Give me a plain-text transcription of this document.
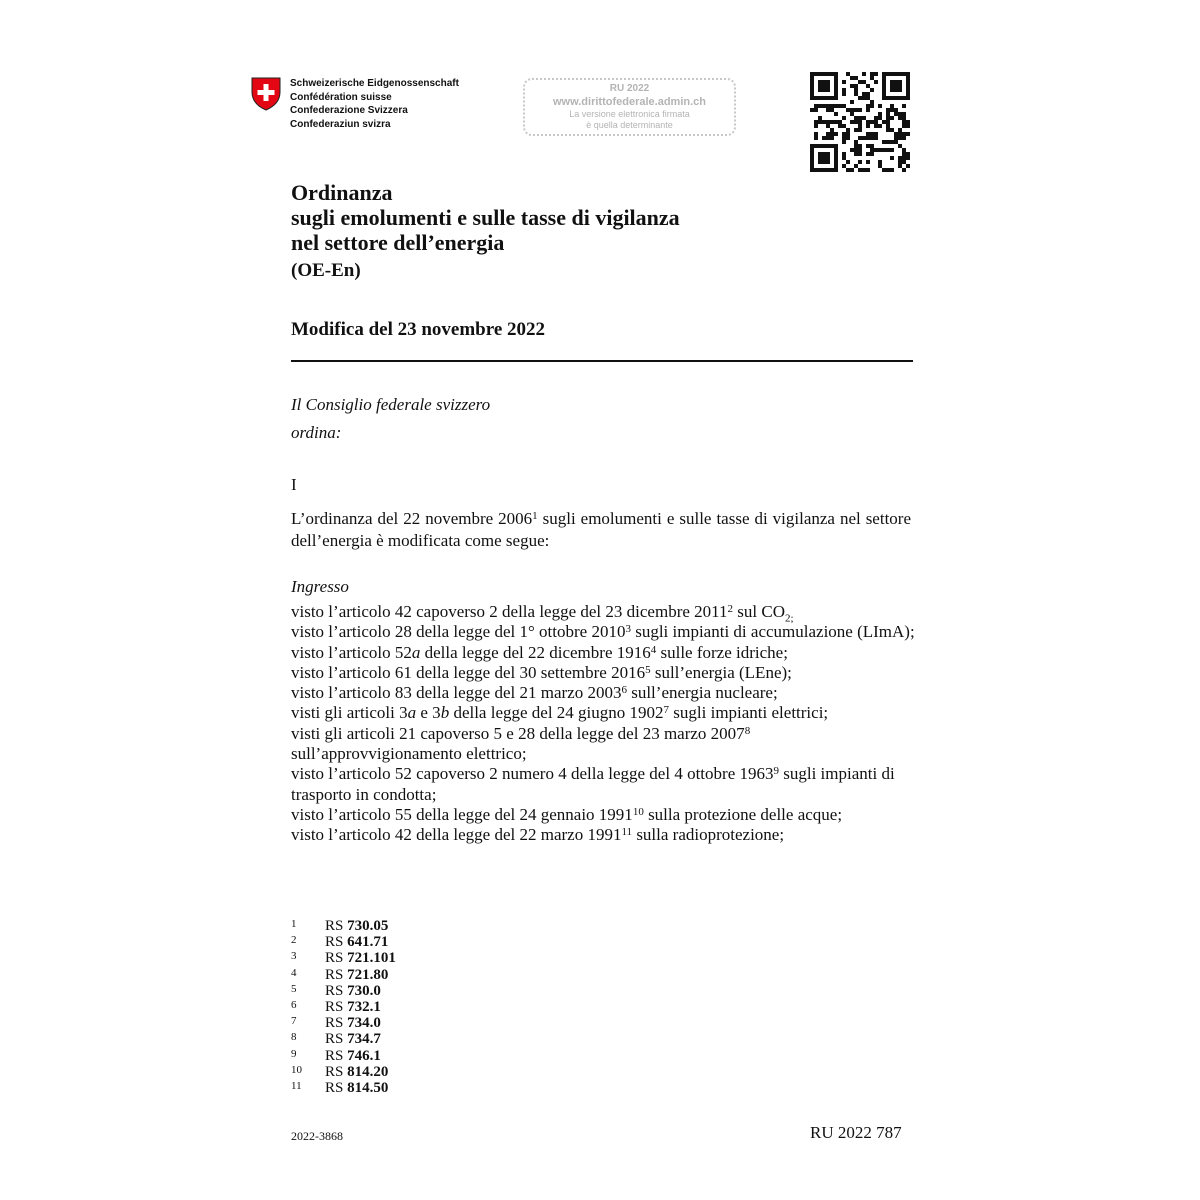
Schweizerische Eidgenossenschaft
Confédération suisse
Confederazione Svizzera
Confederaziun svizra
RU 2022
www.dirittofederale.admin.ch
La versione elettronica firmata
è quella determinante
Ordinanza
sugli emolumenti e sulle tasse di vigilanza
nel settore dell’energia
(OE-En)
Modifica del 23 novembre 2022
Il Consiglio federale svizzero
ordina:
I
L’ordinanza del 22 novembre 2006$^1$ sugli emolumenti e sulle tasse di vigilanza nel settore dell’energia è modificata come segue:
Ingresso
visto l’articolo 42 capoverso 2 della legge del 23 dicembre 2011$^2$ sul $CO_{2;}$
visto l’articolo 28 della legge del 1° ottobre 2010$^3$ sugli impianti di accumulazione (LImA);
visto l’articolo 52a della legge del 22 dicembre 1916$^4$ sulle forze idriche;
visto l’articolo 61 della legge del 30 settembre 2016$^5$ sull’energia (LEne);
visto l’articolo 83 della legge del 21 marzo 2003$^6$ sull’energia nucleare;
visti gli articoli 3a e 3b della legge del 24 giugno 1902$^7$ sugli impianti elettrici;
visti gli articoli 21 capoverso 5 e 28 della legge del 23 marzo 2007$^8$ sull’approvvigionamento elettrico;
visto l’articolo 52 capoverso 2 numero 4 della legge del 4 ottobre 1963$^9$ sugli impianti di trasporto in condotta;
visto l’articolo 55 della legge del 24 gennaio 1991$^{10}$ sulla protezione delle acque;
visto l’articolo 42 della legge del 22 marzo 1991$^{11}$ sulla radioprotezione;
1	RS 730.05
2	RS 641.71
3	RS 721.101
4	RS 721.80
5	RS 730.0
6	RS 732.1
7	RS 734.0
8	RS 734.7
9	RS 746.1
10	RS 814.20
11	RS 814.50
2022-3868	RU 2022 787
